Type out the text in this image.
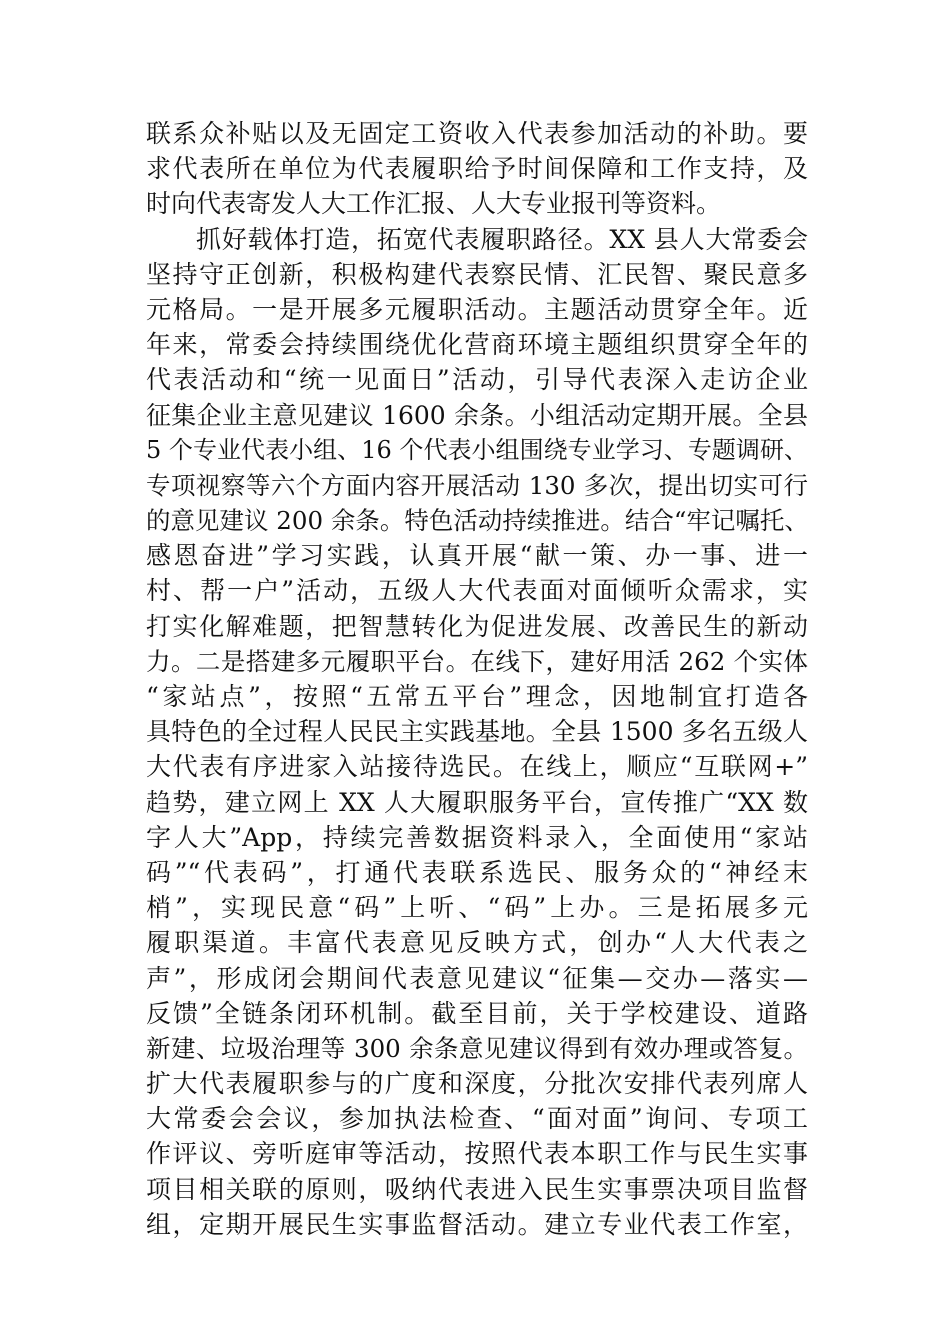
联系众补贴以及无固定工资收入代表参加活动的补助。要
求代表所在单位为代表履职给予时间保障和工作支持，及
时向代表寄发人大工作汇报、人大专业报刊等资料。
抓好载体打造，拓宽代表履职路径。XX 县人大常委会
坚持守正创新，积极构建代表察民情、汇民智、聚民意多
元格局。一是开展多元履职活动。主题活动贯穿全年。近
年来，常委会持续围绕优化营商环境主题组织贯穿全年的
代表活动和“统一见面日”活动，引导代表深入走访企业
征集企业主意见建议 1600 余条。小组活动定期开展。全县
5 个专业代表小组、16 个代表小组围绕专业学习、专题调研、
专项视察等六个方面内容开展活动 130 多次，提出切实可行
的意见建议 200 余条。特色活动持续推进。结合“牢记嘱托、
感恩奋进”学习实践，认真开展“献一策、办一事、进一
村、帮一户”活动，五级人大代表面对面倾听众需求，实
打实化解难题，把智慧转化为促进发展、改善民生的新动
力。二是搭建多元履职平台。在线下，建好用活 262 个实体
“家站点”，按照“五常五平台”理念，因地制宜打造各
具特色的全过程人民民主实践基地。全县 1500 多名五级人
大代表有序进家入站接待选民。在线上，顺应“互联网+”
趋势，建立网上 XX 人大履职服务平台，宣传推广“XX 数
字人大”App，持续完善数据资料录入，全面使用“家站
码”“代表码”，打通代表联系选民、服务众的“神经末
梢”，实现民意“码”上听、“码”上办。三是拓展多元
履职渠道。丰富代表意见反映方式，创办“人大代表之
声”，形成闭会期间代表意见建议“征集—交办—落实—
反馈”全链条闭环机制。截至目前，关于学校建设、道路
新建、垃圾治理等 300 余条意见建议得到有效办理或答复。
扩大代表履职参与的广度和深度，分批次安排代表列席人
大常委会会议，参加执法检查、“面对面”询问、专项工
作评议、旁听庭审等活动，按照代表本职工作与民生实事
项目相关联的原则，吸纳代表进入民生实事票决项目监督
组，定期开展民生实事监督活动。建立专业代表工作室，
